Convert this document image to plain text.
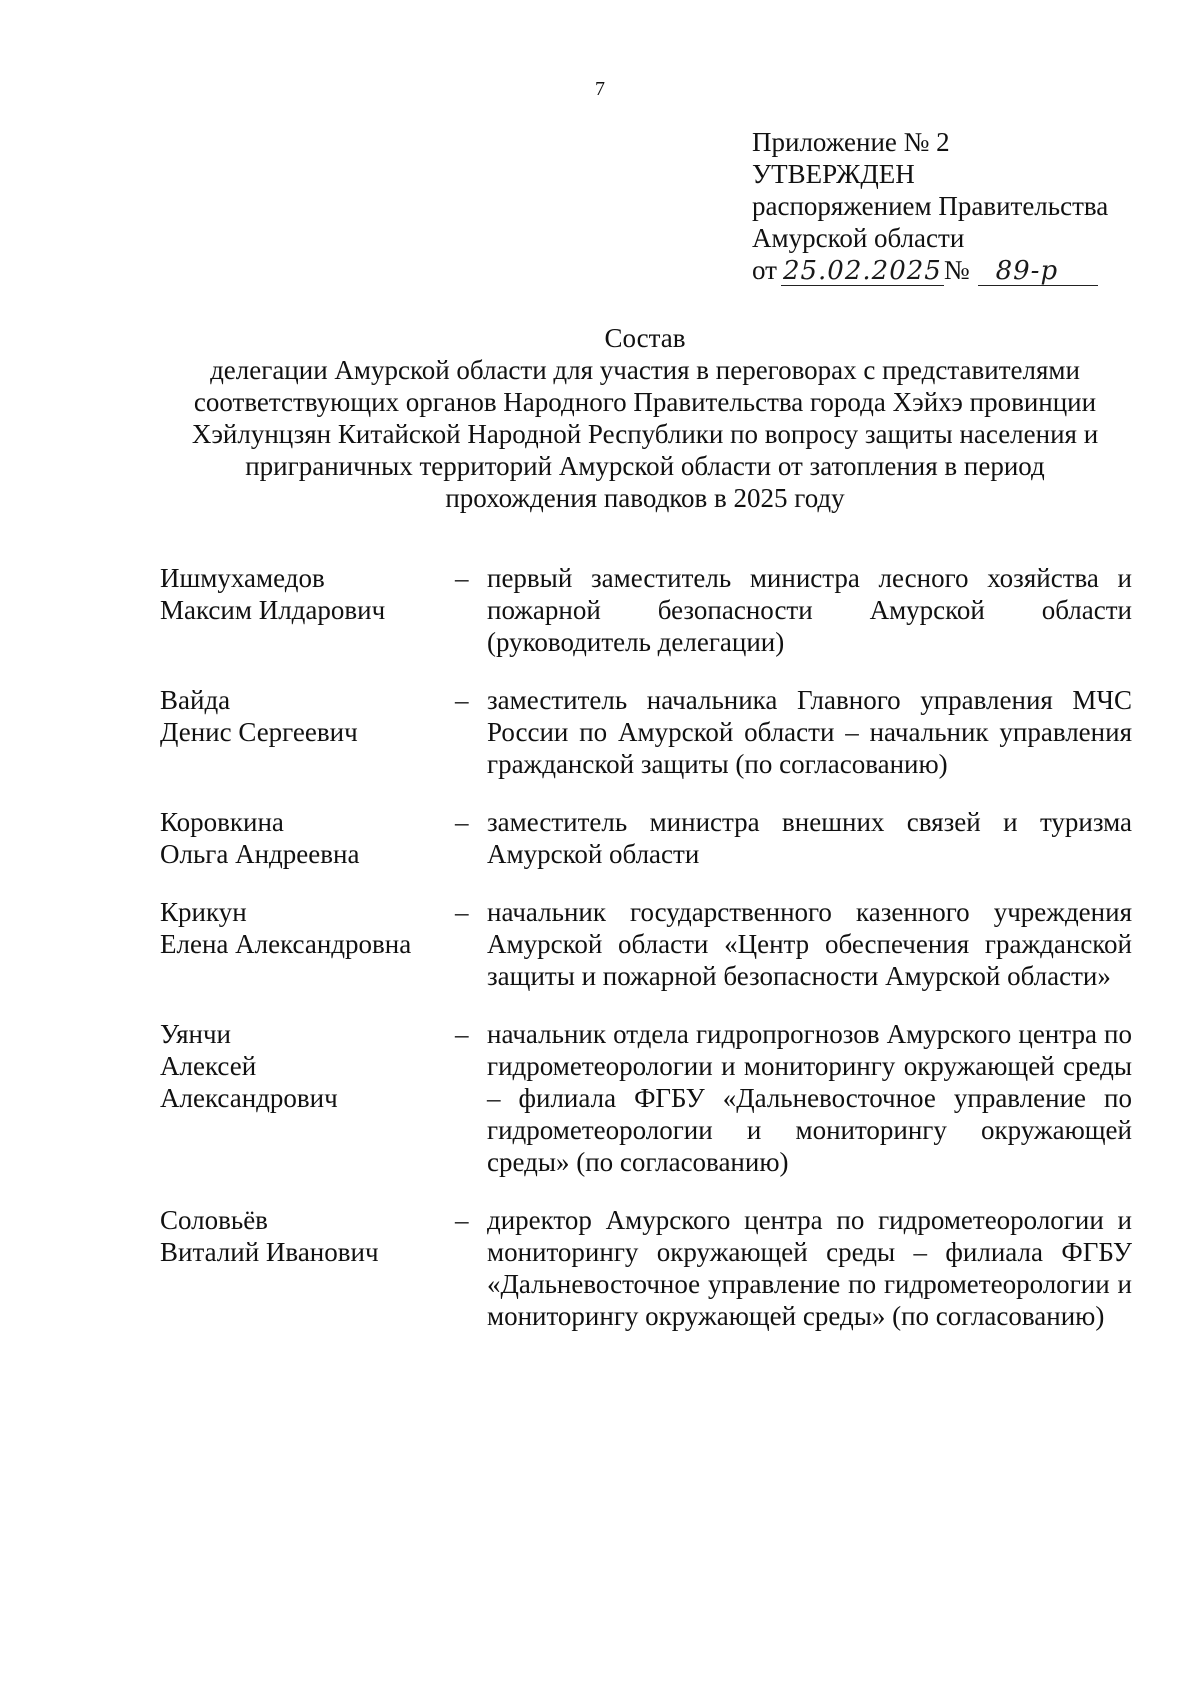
7
Приложение № 2
УТВЕРЖДЕН
распоряжением Правительства
Амурской области
от 25.02.2025 №	89-р
Состав
делегации Амурской области для участия в переговорах с представителями
соответствующих органов Народного Правительства города Хэйхэ провинции
Хэйлунцзян Китайской Народной Республики по вопросу защиты населения и
приграничных территорий Амурской области от затопления в период
прохождения паводков в 2025 году
Ишмухамедов
Максим Илдарович
– первый заместитель министра лесного хозяйства и пожарной безопасности Амурской области (руководитель делегации)
Вайда
Денис Сергеевич
– заместитель начальника Главного управления МЧС России по Амурской области – начальник управления гражданской защиты (по согласованию)
Коровкина
Ольга Андреевна
– заместитель министра внешних связей и туризма Амурской области
Крикун
Елена Александровна
– начальник государственного казенного учреждения Амурской области «Центр обеспечения гражданской защиты и пожарной безопасности Амурской области»
Уянчи
Алексей
Александрович
– начальник отдела гидропрогнозов Амурского центра по гидрометеорологии и мониторингу окружающей среды – филиала ФГБУ «Дальневосточное управление по гидрометеорологии и мониторингу окружающей среды» (по согласованию)
Соловьёв
Виталий Иванович
– директор Амурского центра по гидрометеорологии и мониторингу окружающей среды – филиала ФГБУ «Дальневосточное управление по гидрометеорологии и мониторингу окружающей среды» (по согласованию)
